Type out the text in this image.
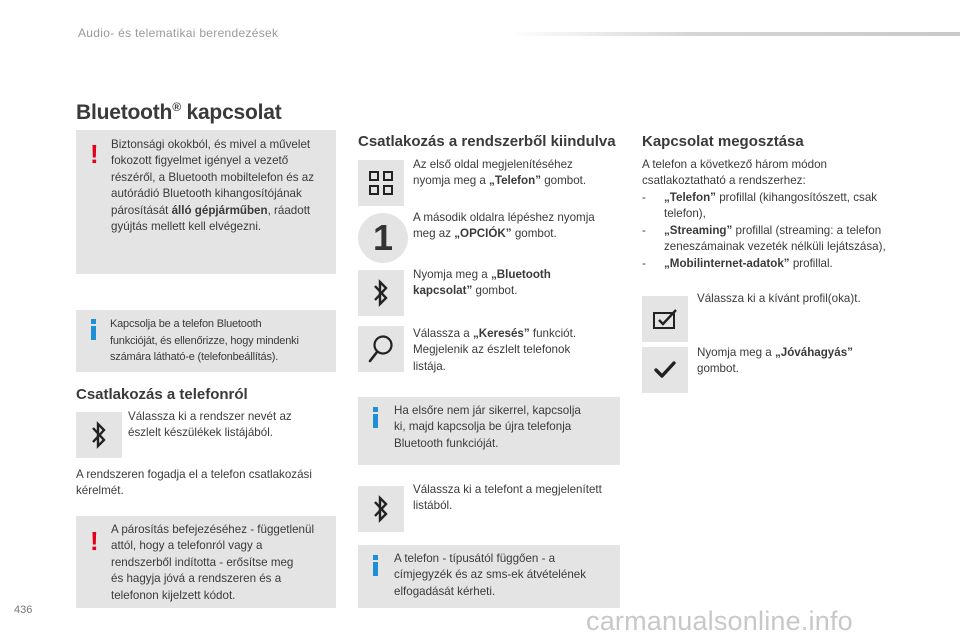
Audio- és telematikai berendezések
Bluetooth® kapcsolat
! Biztonsági okokból, és mivel a művelet
fokozott figyelmet igényel a vezető
részéről, a Bluetooth mobiltelefon és az
autórádió Bluetooth kihangosítójának
párosítását álló gépjárműben, ráadott
gyújtás mellett kell elvégezni.
Kapcsolja be a telefon Bluetooth
funkcióját, és ellenőrizze, hogy mindenki
számára látható-e (telefonbeállítás).
Csatlakozás a telefonról
Válassza ki a rendszer nevét az
észlelt készülékek listájából.
A rendszeren fogadja el a telefon csatlakozási
kérelmét.
! A párosítás befejezéséhez - függetlenül
attól, hogy a telefonról vagy a
rendszerből indította - erősítse meg
és hagyja jóvá a rendszeren és a
telefonon kijelzett kódot.
Csatlakozás a rendszerből kiindulva
Az első oldal megjelenítéséhez
nyomja meg a „Telefon” gombot.
1	A második oldalra lépéshez nyomja
meg az „OPCIÓK” gombot.
Nyomja meg a „Bluetooth
kapcsolat” gombot.
Válassza a „Keresés” funkciót.
Megjelenik az észlelt telefonok
listája.
Ha elsőre nem jár sikerrel, kapcsolja
ki, majd kapcsolja be újra telefonja
Bluetooth funkcióját.
Válassza ki a telefont a megjelenített
listából.
A telefon - típusától függően - a
címjegyzék és az sms-ek átvételének
elfogadását kérheti.
Kapcsolat megosztása
A telefon a következő három módon
csatlakoztatható a rendszerhez:
- „Telefon” profillal (kihangosítószett, csak
telefon),
- „Streaming” profillal (streaming: a telefon
zeneszámainak vezeték nélküli lejátszása),
- „Mobilinternet-adatok” profillal.
Válassza ki a kívánt profil(oka)t.
Nyomja meg a „Jóváhagyás”
gombot.
436	carmanualsonline.info
